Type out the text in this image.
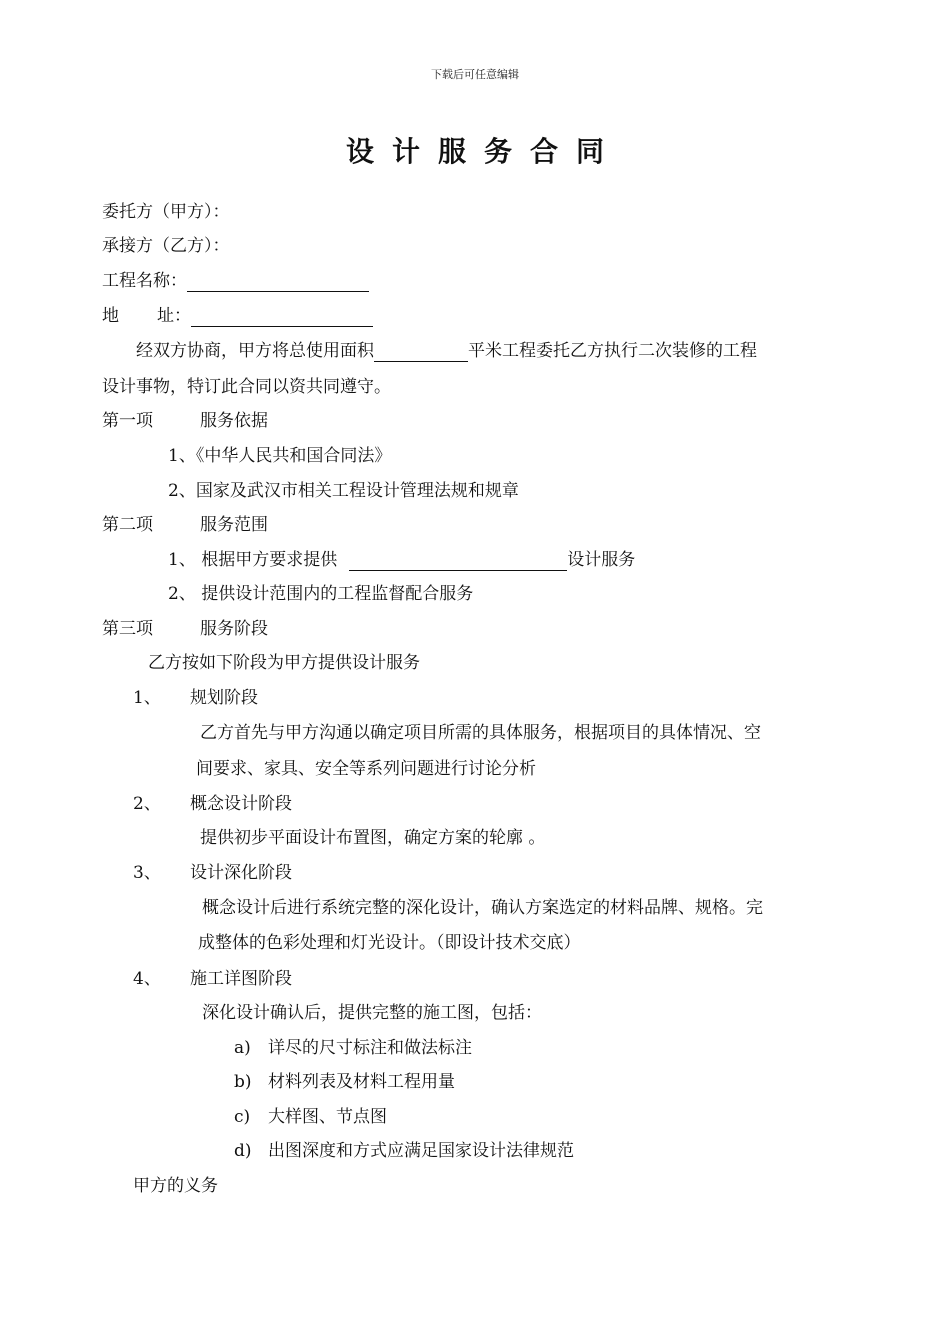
下载后可任意编辑
设计服务合同
委托方（甲方）：
承接方（乙方）：
工程名称：
地 址：
经双方协商，甲方将总使用面积	平米工程委托乙方执行二次装修的工程
设计事物，特订此合同以资共同遵守。
第一项	服务依据
1、《中华人民共和国合同法》
2、国家及武汉市相关工程设计管理法规和规章
第二项	服务范围
1、 根据甲方要求提供	设计服务
2、 提供设计范围内的工程监督配合服务
第三项	服务阶段
乙方按如下阶段为甲方提供设计服务
1、 规划阶段
乙方首先与甲方沟通以确定项目所需的具体服务，根据项目的具体情况、空
间要求、家具、安全等系列问题进行讨论分析
2、 概念设计阶段
提供初步平面设计布置图，确定方案的轮廓 。
3、 设计深化阶段
概念设计后进行系统完整的深化设计，确认方案选定的材料品牌、规格。完
成整体的色彩处理和灯光设计。（即设计技术交底）
4、 施工详图阶段
深化设计确认后，提供完整的施工图，包括：
a) 详尽的尺寸标注和做法标注
b) 材料列表及材料工程用量
c) 大样图、节点图
d) 出图深度和方式应满足国家设计法律规范
甲方的义务
